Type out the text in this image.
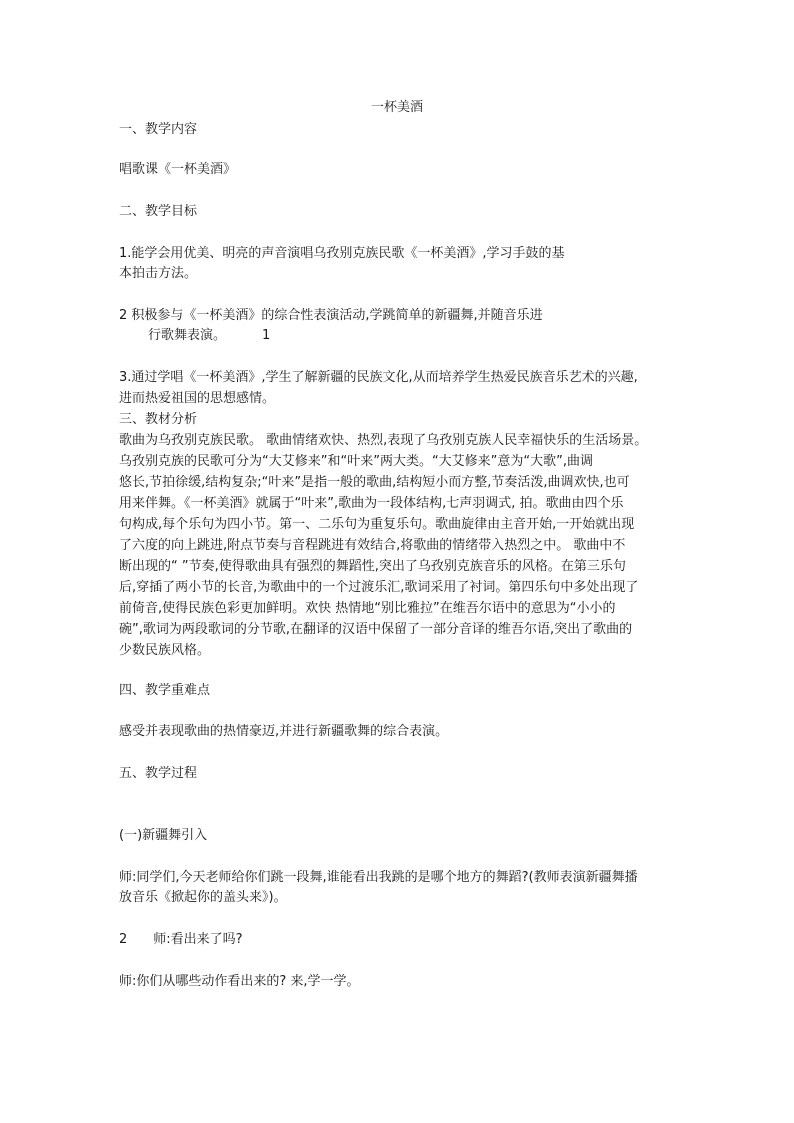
一杯美酒
一、教学内容
唱歌课《一杯美酒》
二、教学目标
1.能学会用优美、明亮的声音演唱乌孜别克族民歌《一杯美酒》,学习手鼓的基
本拍击方法。
2 积极参与《一杯美酒》的综合性表演活动,学跳简单的新疆舞,并随音乐进
行歌舞表演。	1
3.通过学唱《一杯美酒》,学生了解新疆的民族文化,从而培养学生热爱民族音乐艺术的兴趣,
进而热爱祖国的思想感情。
三、教材分析
歌曲为乌孜别克族民歌。 歌曲情绪欢快、热烈,表现了乌孜别克族人民幸福快乐的生活场景。
乌孜别克族的民歌可分为“大艾修来”和“叶来”两大类。“大艾修来”意为“大歌”,曲调
悠长,节拍徐缓,结构复杂;“叶来”是指一般的歌曲,结构短小而方整,节奏活泼,曲调欢快,也可
用来伴舞。《一杯美酒》就属于“叶来”,歌曲为一段体结构,七声羽调式, 拍。歌曲由四个乐
句构成,每个乐句为四小节。第一、二乐句为重复乐句。歌曲旋律由主音开始,一开始就出现
了六度的向上跳进,附点节奏与音程跳进有效结合,将歌曲的情绪带入热烈之中。 歌曲中不
断出现的“ ”节奏,使得歌曲具有强烈的舞蹈性,突出了乌孜别克族音乐的风格。在第三乐句
后,穿插了两小节的长音,为歌曲中的一个过渡乐汇,歌词采用了衬词。第四乐句中多处出现了
前倚音,使得民族色彩更加鲜明。欢快 热情地“别比雅拉”在维吾尔语中的意思为“小小的
碗”,歌词为两段歌词的分节歌,在翻译的汉语中保留了一部分音译的维吾尔语,突出了歌曲的
少数民族风格。
四、教学重难点
感受并表现歌曲的热情豪迈,并进行新疆歌舞的综合表演。
五、教学过程
(一)新疆舞引入
师:同学们,今天老师给你们跳一段舞,谁能看出我跳的是哪个地方的舞蹈?(教师表演新疆舞播
放音乐《掀起你的盖头来》)。
2 师:看出来了吗?
师:你们从哪些动作看出来的? 来,学一学。
